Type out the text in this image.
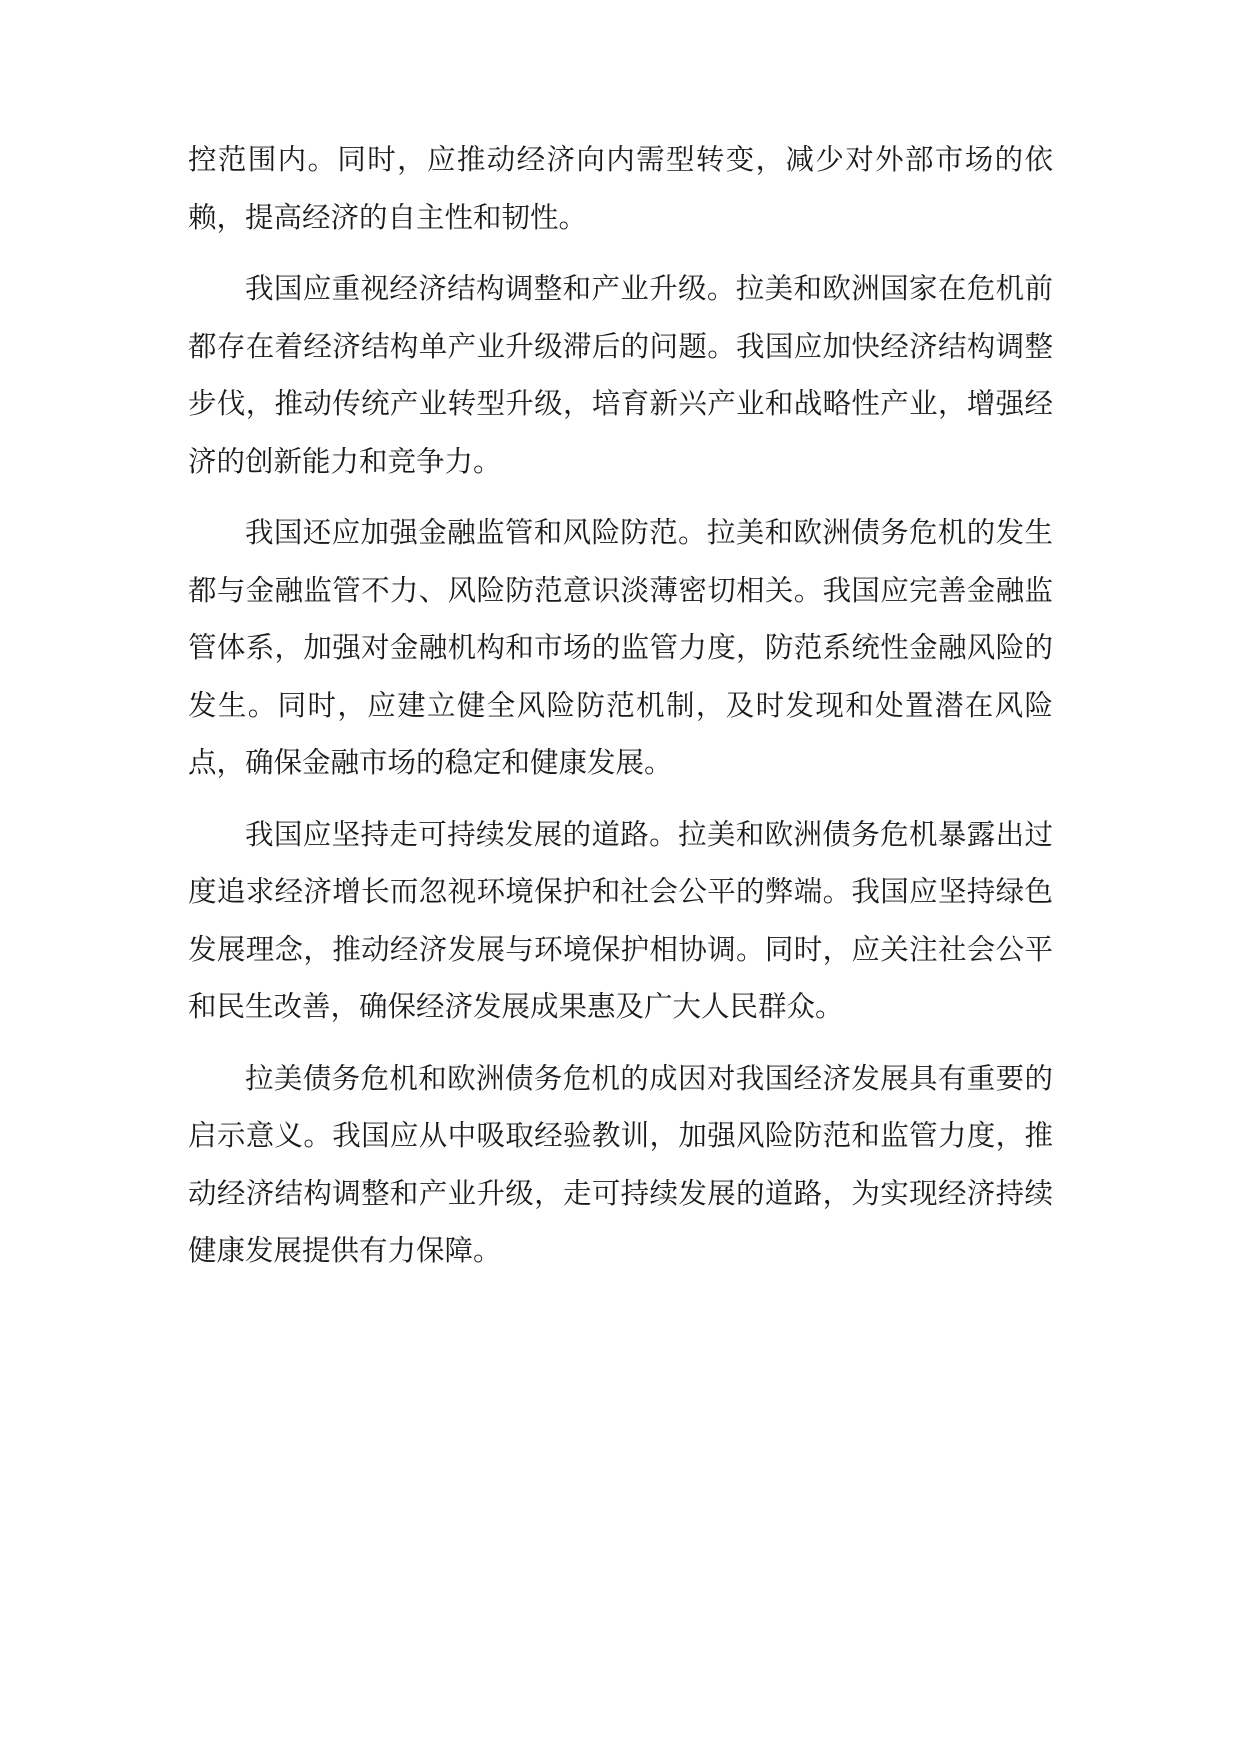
控范围内。同时，应推动经济向内需型转变，减少对外部市场的依赖，提高经济的自主性和韧性。

我国应重视经济结构调整和产业升级。拉美和欧洲国家在危机前都存在着经济结构单产业升级滞后的问题。我国应加快经济结构调整步伐，推动传统产业转型升级，培育新兴产业和战略性产业，增强经济的创新能力和竞争力。

我国还应加强金融监管和风险防范。拉美和欧洲债务危机的发生都与金融监管不力、风险防范意识淡薄密切相关。我国应完善金融监管体系，加强对金融机构和市场的监管力度，防范系统性金融风险的发生。同时，应建立健全风险防范机制，及时发现和处置潜在风险点，确保金融市场的稳定和健康发展。

我国应坚持走可持续发展的道路。拉美和欧洲债务危机暴露出过度追求经济增长而忽视环境保护和社会公平的弊端。我国应坚持绿色发展理念，推动经济发展与环境保护相协调。同时，应关注社会公平和民生改善，确保经济发展成果惠及广大人民群众。

拉美债务危机和欧洲债务危机的成因对我国经济发展具有重要的启示意义。我国应从中吸取经验教训，加强风险防范和监管力度，推动经济结构调整和产业升级，走可持续发展的道路，为实现经济持续健康发展提供有力保障。
